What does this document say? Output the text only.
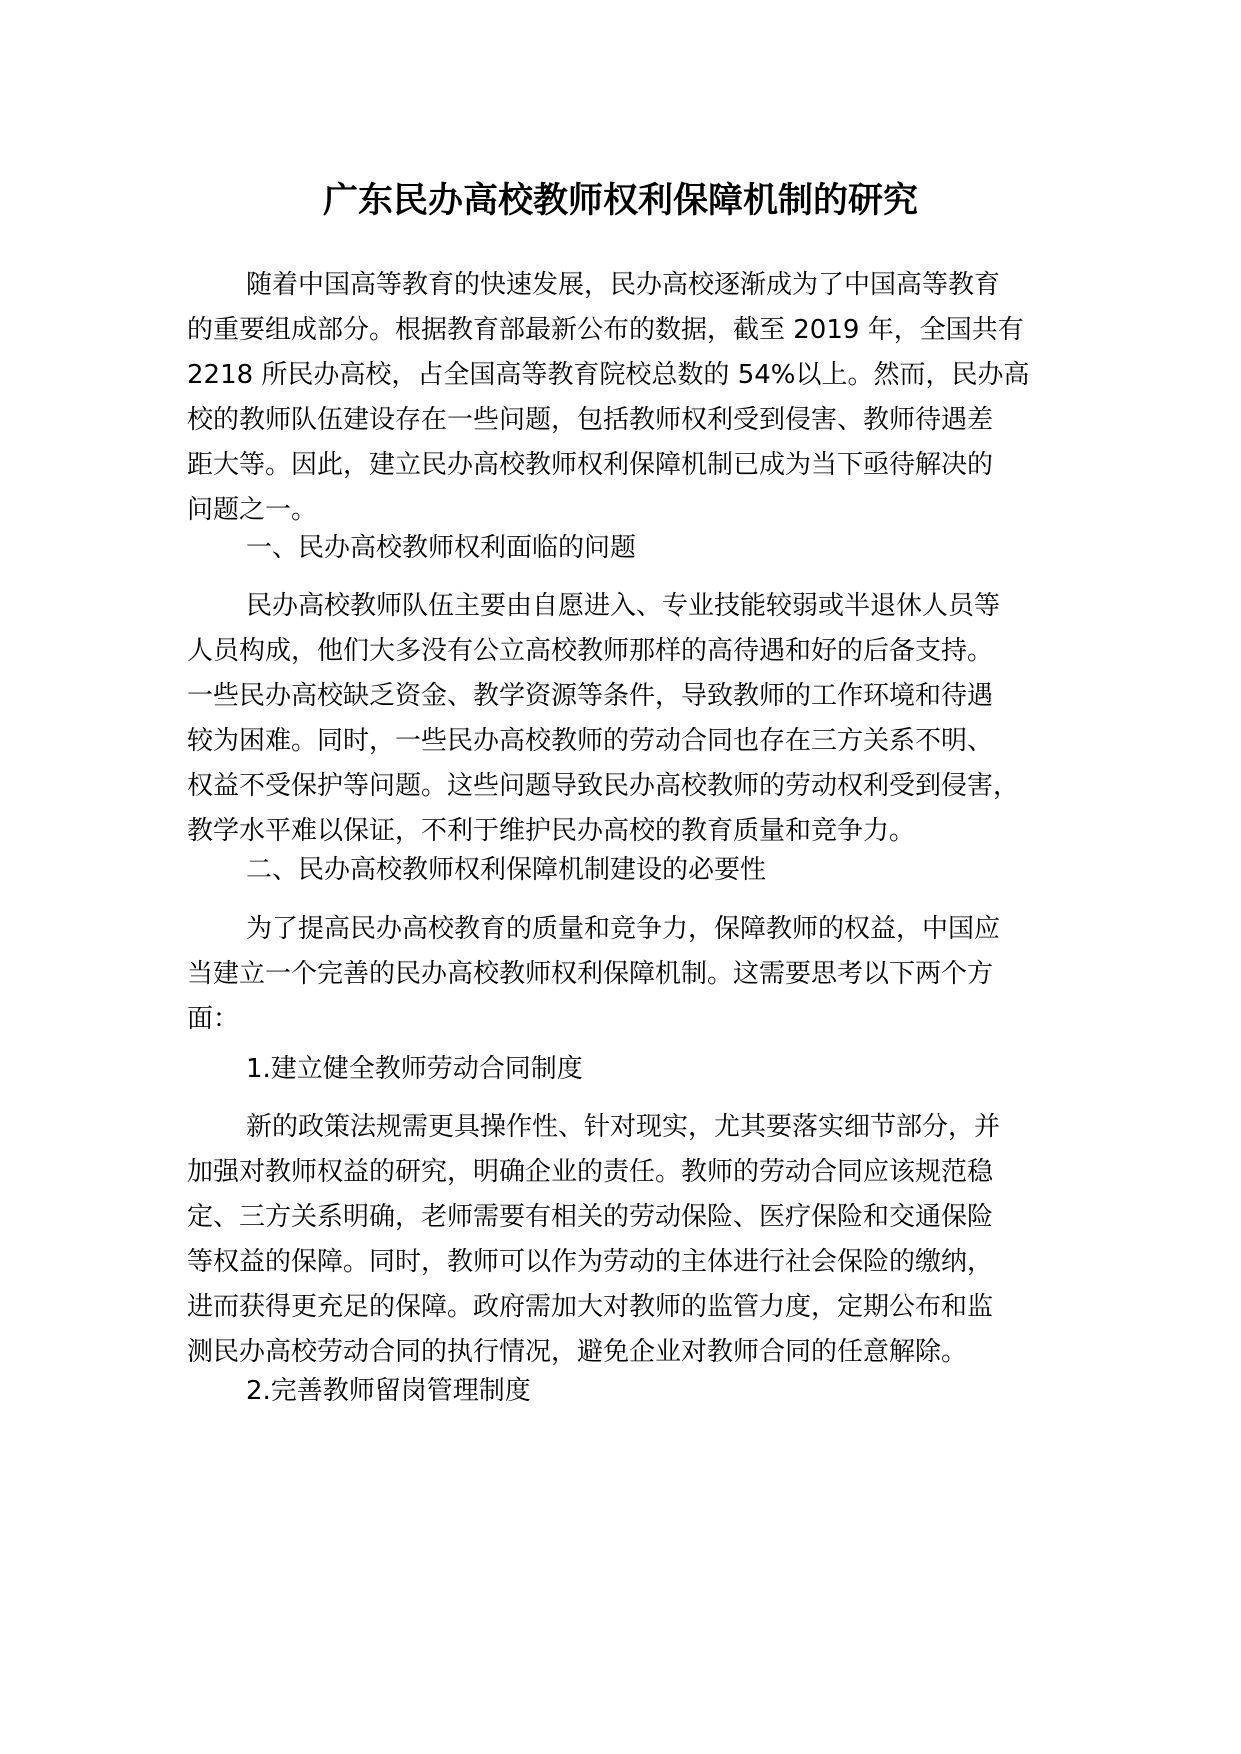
广东民办高校教师权利保障机制的研究

随着中国高等教育的快速发展，民办高校逐渐成为了中国高等教育
的重要组成部分。根据教育部最新公布的数据，截至 2019 年，全国共有
2218 所民办高校，占全国高等教育院校总数的 54%以上。然而，民办高
校的教师队伍建设存在一些问题，包括教师权利受到侵害、教师待遇差
距大等。因此，建立民办高校教师权利保障机制已成为当下亟待解决的
问题之一。

一、民办高校教师权利面临的问题

民办高校教师队伍主要由自愿进入、专业技能较弱或半退休人员等
人员构成，他们大多没有公立高校教师那样的高待遇和好的后备支持。
一些民办高校缺乏资金、教学资源等条件，导致教师的工作环境和待遇
较为困难。同时，一些民办高校教师的劳动合同也存在三方关系不明、
权益不受保护等问题。这些问题导致民办高校教师的劳动权利受到侵害，
教学水平难以保证，不利于维护民办高校的教育质量和竞争力。

二、民办高校教师权利保障机制建设的必要性

为了提高民办高校教育的质量和竞争力，保障教师的权益，中国应
当建立一个完善的民办高校教师权利保障机制。这需要思考以下两个方
面：

1.建立健全教师劳动合同制度

新的政策法规需更具操作性、针对现实，尤其要落实细节部分，并
加强对教师权益的研究，明确企业的责任。教师的劳动合同应该规范稳
定、三方关系明确，老师需要有相关的劳动保险、医疗保险和交通保险
等权益的保障。同时，教师可以作为劳动的主体进行社会保险的缴纳，
进而获得更充足的保障。政府需加大对教师的监管力度，定期公布和监
测民办高校劳动合同的执行情况，避免企业对教师合同的任意解除。

2.完善教师留岗管理制度
